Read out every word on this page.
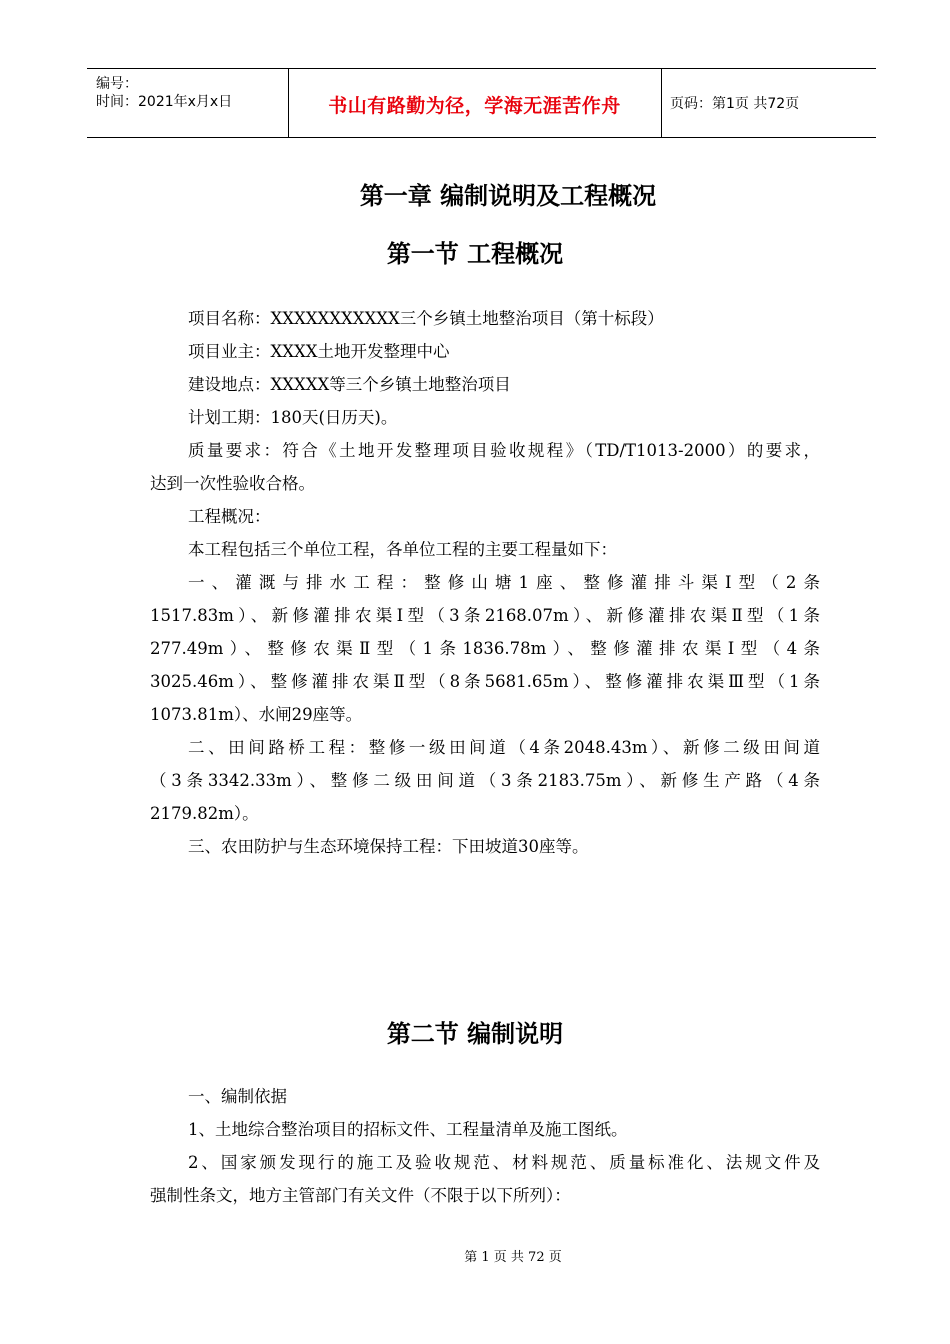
编号：
时间：2021年x月x日	书山有路勤为径，学海无涯苦作舟	页码：第1页 共72页
第一章 编制说明及工程概况
第一节 工程概况
项目名称：XXXXXXXXXXX三个乡镇土地整治项目（第十标段）
项目业主：XXXX土地开发整理中心
建设地点：XXXXX等三个乡镇土地整治项目
计划工期：180天(日历天)。
质量要求：符合《土地开发整理项目验收规程》（TD/T1013-2000）的要求，
达到一次性验收合格。
工程概况：
本工程包括三个单位工程，各单位工程的主要工程量如下：
一、灌溉与排水工程：整修山塘1座、整修灌排斗渠Ⅰ型（2条
1517.83m）、新修灌排农渠Ⅰ型（3条2168.07m）、新修灌排农渠Ⅱ型（1条
277.49m）、整修农渠Ⅱ型（1条1836.78m）、整修灌排农渠Ⅰ型（4条
3025.46m）、整修灌排农渠Ⅱ型（8条5681.65m）、整修灌排农渠Ⅲ型（1条
1073.81m）、水闸29座等。
二、田间路桥工程：整修一级田间道（4条2048.43m）、新修二级田间道
（3条3342.33m）、整修二级田间道（3条2183.75m）、新修生产路（4条
2179.82m）。
三、农田防护与生态环境保持工程：下田坡道30座等。
第二节 编制说明
一、编制依据
1、土地综合整治项目的招标文件、工程量清单及施工图纸。
2、国家颁发现行的施工及验收规范、材料规范、质量标准化、法规文件及
强制性条文，地方主管部门有关文件（不限于以下所列）：
第 1 页 共 72 页
